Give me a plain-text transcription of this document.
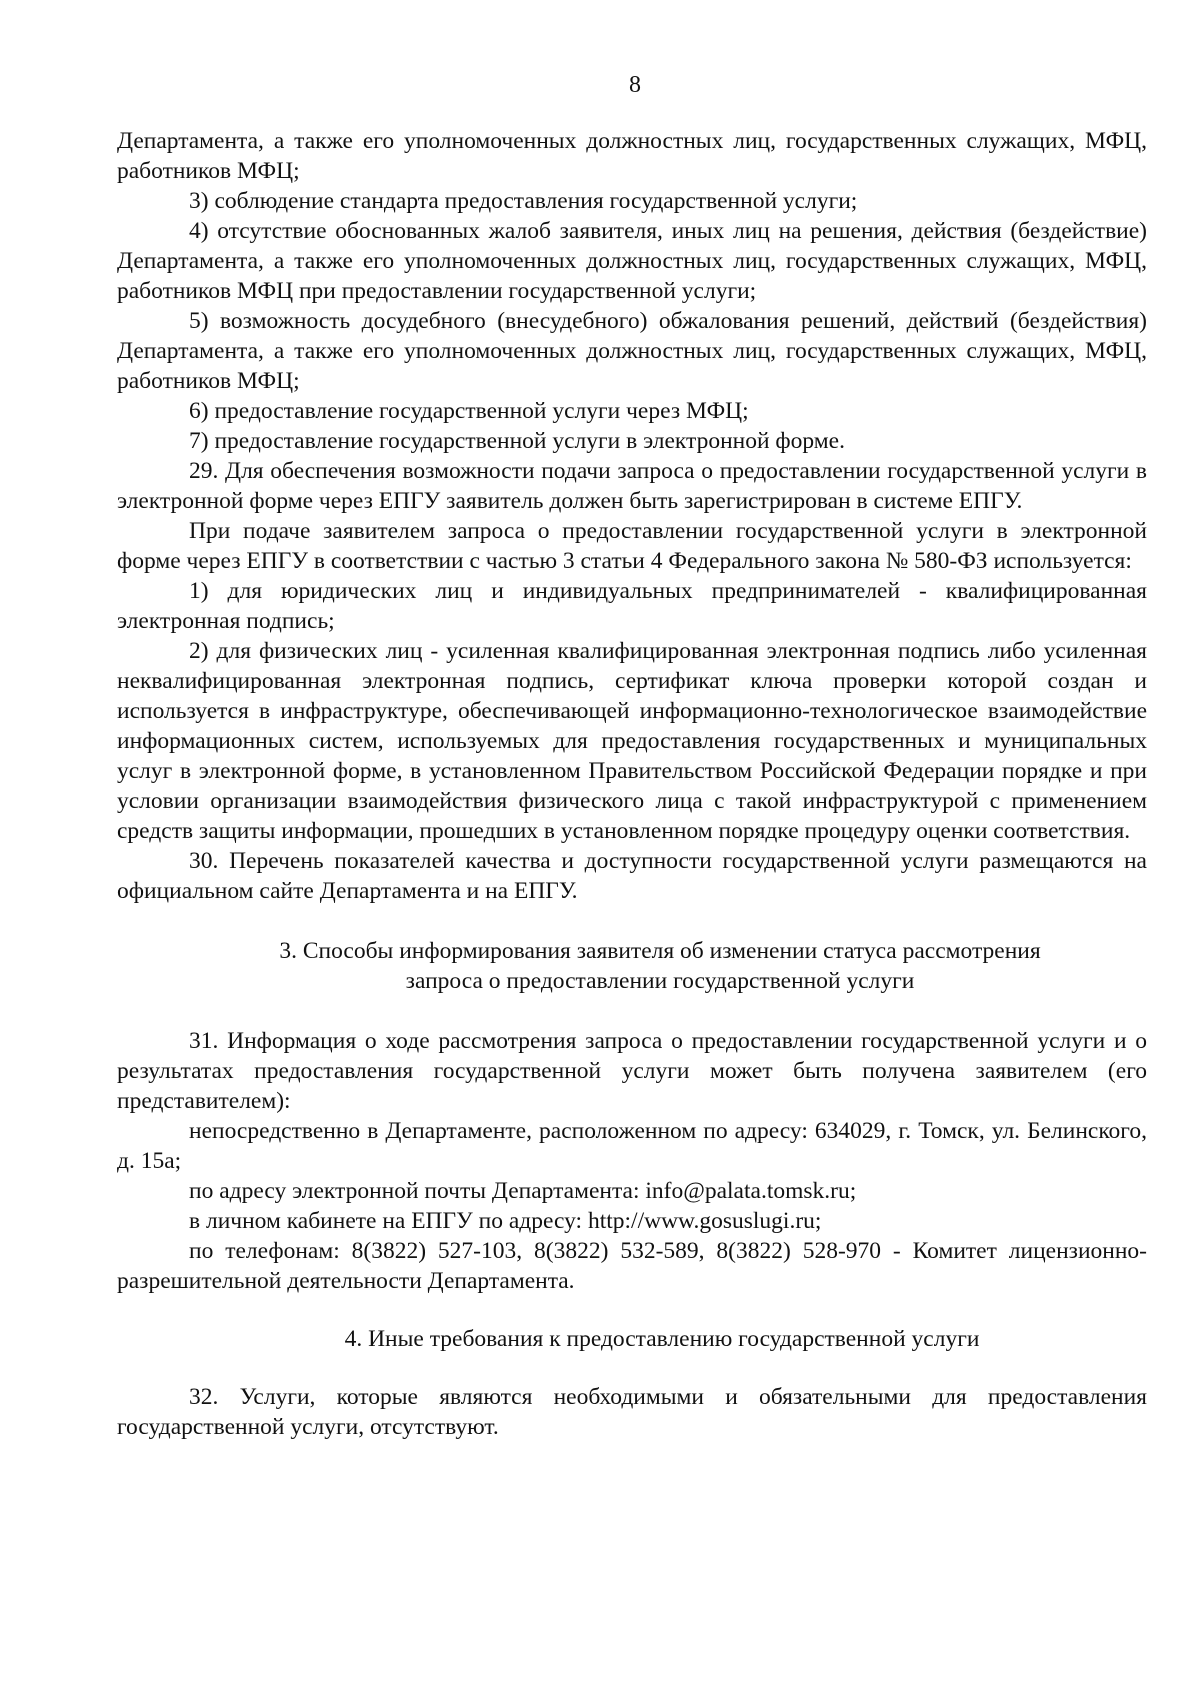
8

Департамента, а также его уполномоченных должностных лиц, государственных служащих, МФЦ, работников МФЦ;

3) соблюдение стандарта предоставления государственной услуги;

4) отсутствие обоснованных жалоб заявителя, иных лиц на решения, действия (бездействие) Департамента, а также его уполномоченных должностных лиц, государственных служащих, МФЦ, работников МФЦ при предоставлении государственной услуги;

5) возможность досудебного (внесудебного) обжалования решений, действий (бездействия) Департамента, а также его уполномоченных должностных лиц, государственных служащих, МФЦ, работников МФЦ;

6) предоставление государственной услуги через МФЦ;

7) предоставление государственной услуги в электронной форме.

29. Для обеспечения возможности подачи запроса о предоставлении государственной услуги в электронной форме через ЕПГУ заявитель должен быть зарегистрирован в системе ЕПГУ.

При подаче заявителем запроса о предоставлении государственной услуги в электронной форме через ЕПГУ в соответствии с частью 3 статьи 4 Федерального закона № 580-ФЗ используется:

1) для юридических лиц и индивидуальных предпринимателей - квалифицированная электронная подпись;

2) для физических лиц - усиленная квалифицированная электронная подпись либо усиленная неквалифицированная электронная подпись, сертификат ключа проверки которой создан и используется в инфраструктуре, обеспечивающей информационно-технологическое взаимодействие информационных систем, используемых для предоставления государственных и муниципальных услуг в электронной форме, в установленном Правительством Российской Федерации порядке и при условии организации взаимодействия физического лица с такой инфраструктурой с применением средств защиты информации, прошедших в установленном порядке процедуру оценки соответствия.

30. Перечень показателей качества и доступности государственной услуги размещаются на официальном сайте Департамента и на ЕПГУ.

3. Способы информирования заявителя об изменении статуса рассмотрения
запроса о предоставлении государственной услуги

31. Информация о ходе рассмотрения запроса о предоставлении государственной услуги и о результатах предоставления государственной услуги может быть получена заявителем (его представителем):

непосредственно в Департаменте, расположенном по адресу: 634029, г. Томск, ул. Белинского, д. 15а;

по адресу электронной почты Департамента: info@palata.tomsk.ru;

в личном кабинете на ЕПГУ по адресу: http://www.gosuslugi.ru;

по телефонам: 8(3822) 527-103, 8(3822) 532-589, 8(3822) 528-970 - Комитет лицензионно-разрешительной деятельности Департамента.

4. Иные требования к предоставлению государственной услуги

32. Услуги, которые являются необходимыми и обязательными для предоставления государственной услуги, отсутствуют.
